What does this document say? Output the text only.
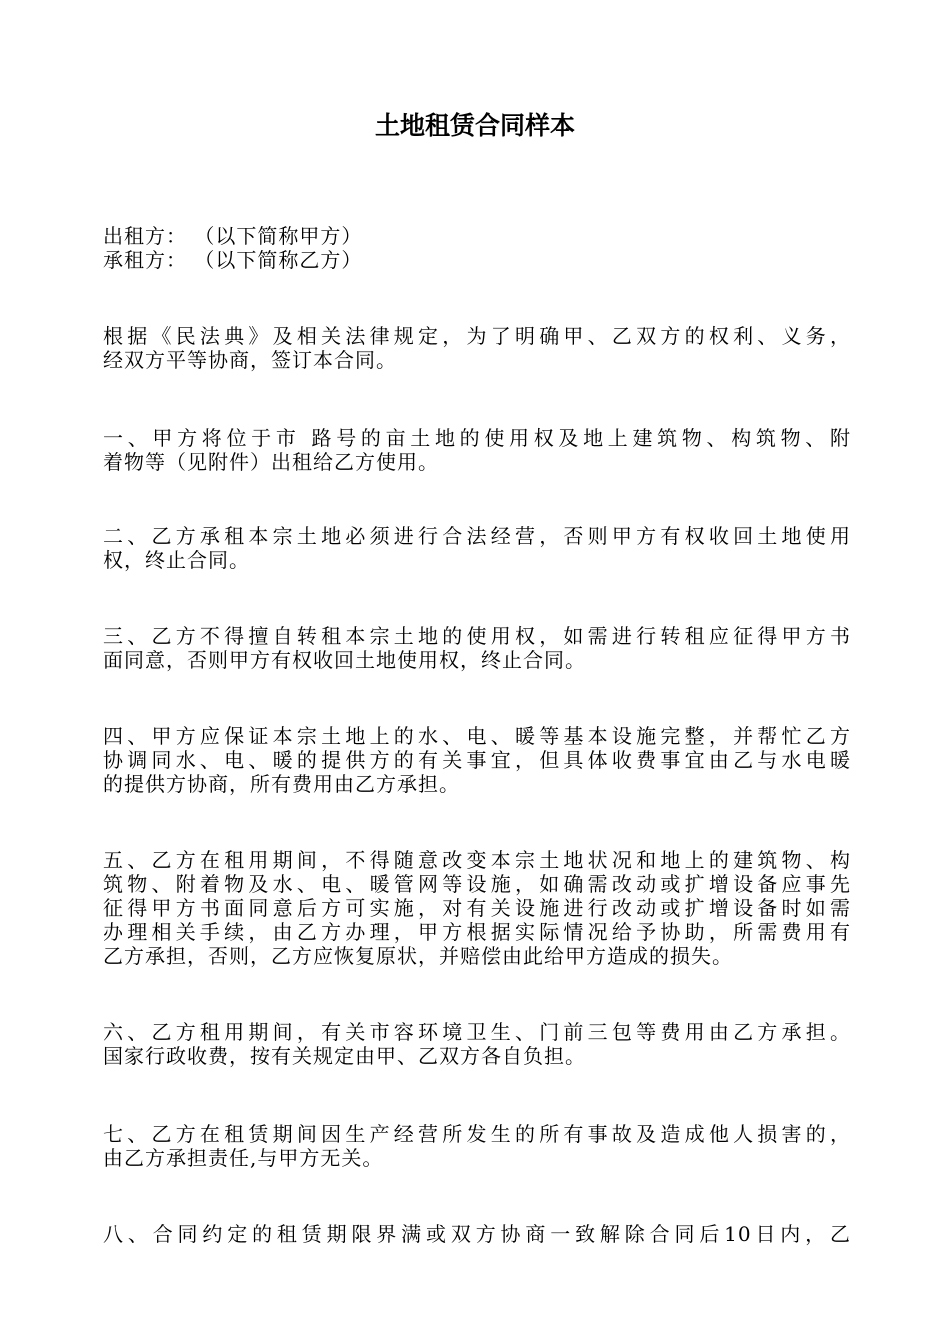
土地租赁合同样本
出租方： （以下简称甲方）
承租方： （以下简称乙方）
根据《民法典》及相关法律规定，为了明确甲、乙双方的权利、义务，
经双方平等协商，签订本合同。
一、甲方将位于市 路号的亩土地的使用权及地上建筑物、构筑物、附
着物等（见附件）出租给乙方使用。
二、乙方承租本宗土地必须进行合法经营，否则甲方有权收回土地使用
权，终止合同。
三、乙方不得擅自转租本宗土地的使用权，如需进行转租应征得甲方书
面同意，否则甲方有权收回土地使用权，终止合同。
四、甲方应保证本宗土地上的水、电、暖等基本设施完整，并帮忙乙方
协调同水、电、暖的提供方的有关事宜，但具体收费事宜由乙与水电暖
的提供方协商，所有费用由乙方承担。
五、乙方在租用期间，不得随意改变本宗土地状况和地上的建筑物、构
筑物、附着物及水、电、暖管网等设施，如确需改动或扩增设备应事先
征得甲方书面同意后方可实施，对有关设施进行改动或扩增设备时如需
办理相关手续，由乙方办理，甲方根据实际情况给予协助，所需费用有
乙方承担，否则，乙方应恢复原状，并赔偿由此给甲方造成的损失。
六、乙方租用期间，有关市容环境卫生、门前三包等费用由乙方承担。
国家行政收费，按有关规定由甲、乙双方各自负担。
七、乙方在租赁期间因生产经营所发生的所有事故及造成他人损害的，
由乙方承担责任,与甲方无关。
八、合同约定的租赁期限界满或双方协商一致解除合同后10日内，乙
